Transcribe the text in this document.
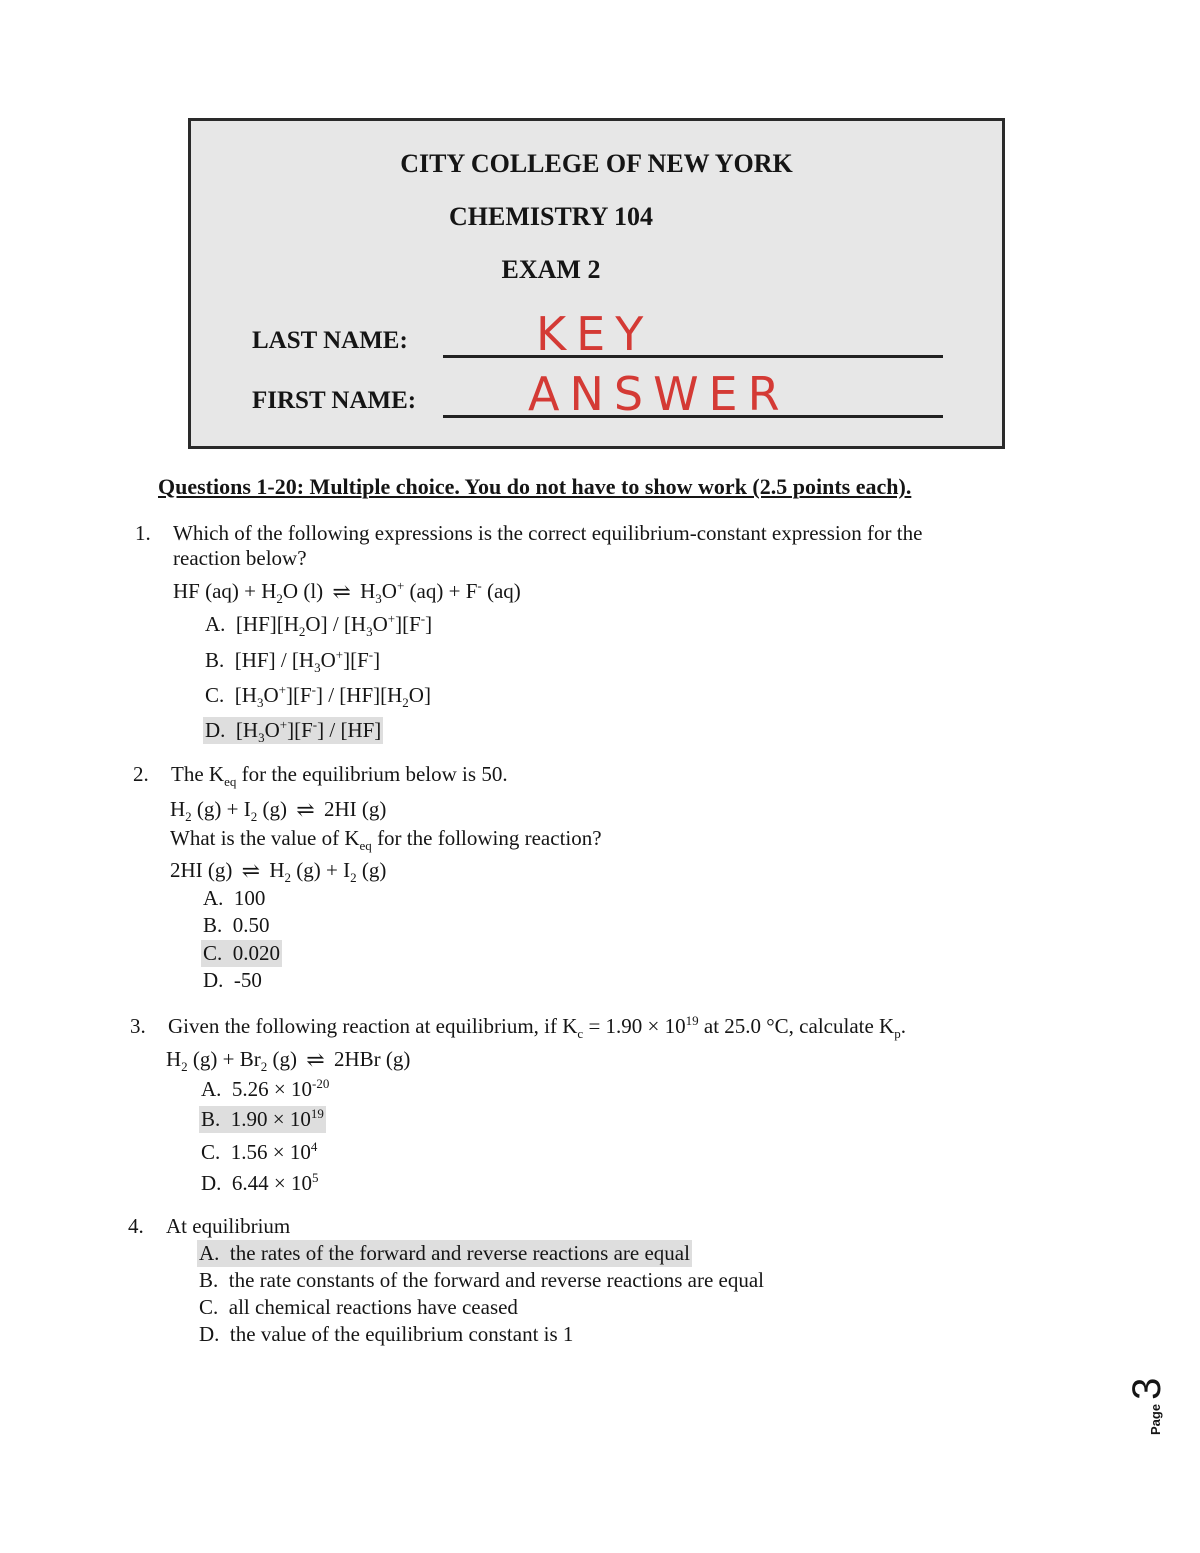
CITY COLLEGE OF NEW YORK
CHEMISTRY 104
EXAM 2
LAST NAME:	KEY
FIRST NAME: ANSWER
Questions 1-20: Multiple choice. You do not have to show work (2.5 points each).
1. Which of the following expressions is the correct equilibrium-constant expression for the
reaction below?
HF $(aq) + H_2O$ (l) ⇌ $H_3O^+$ (aq) + F- (aq)
A.  $[HF][H_2O] / [H_3O^+][F^-]$
B.  $[HF] / [H_3O^+][F^-]$
C.  $[H_3O^+][F^-] / [HF][H_2O]$
D.  $[H_3O^+][F^-] / [HF]$
2. The $K_{eq}$ for the equilibrium below is 50.
$H_2$ $(g) + I_2$ (g) ⇌ 2HI (g)
What is the value of $K_{eq}$ for the following reaction?
2HI (g) ⇌ $H_2$ $(g) + I_2$ (g)
A. 100
B. 0.50
C. 0.020
D. -50
3. Given the following reaction at equilibrium, if $K_c = 1.90 \times 10^{19}$ at 25.0 °C, calculate $K_p$.
$H_2$ $(g) + Br_2$ (g) ⇌ 2HBr (g)
A.  $5.26 \times 10^{-20}$
B.  $1.90 \times 10^{19}$
C.  $1.56 \times 10^4$
D.  $6.44 \times 10^5$
4. At equilibrium
A. the rates of the forward and reverse reactions are equal
B. the rate constants of the forward and reverse reactions are equal
C. all chemical reactions have ceased
D. the value of the equilibrium constant is 1
Page 3
